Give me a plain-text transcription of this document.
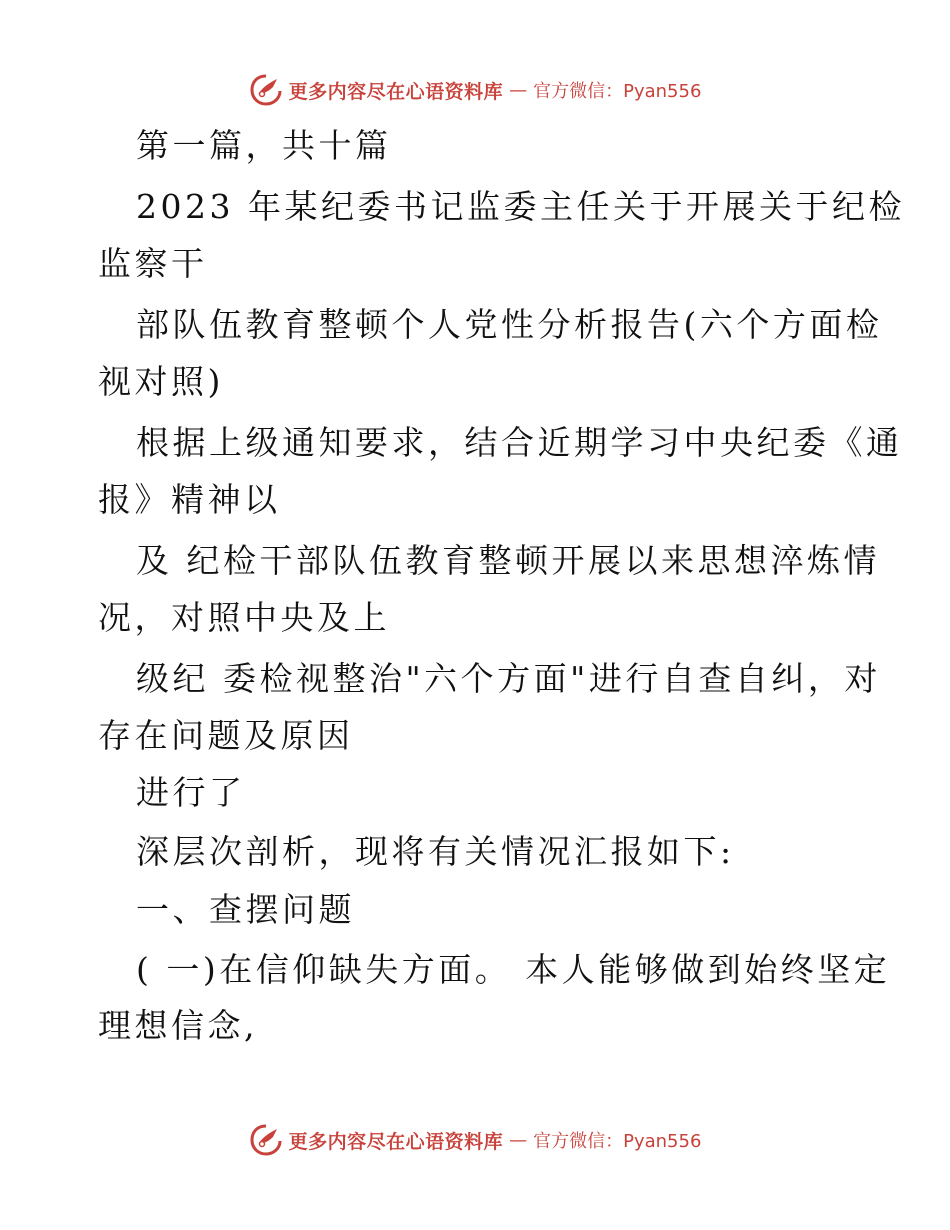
更多内容尽在心语资料库 — 官方微信：Pyan556
第一篇，共十篇
2023 年某纪委书记监委主任关于开展关于纪检
监察干
部队伍教育整顿个人党性分析报告(六个方面检
视对照)
根据上级通知要求，结合近期学习中央纪委《通
报》精神以
及 纪检干部队伍教育整顿开展以来思想淬炼情
况，对照中央及上
级纪 委检视整治"六个方面"进行自查自纠，对
存在问题及原因
进行了
深层次剖析，现将有关情况汇报如下:
一、查摆问题
( 一)在信仰缺失方面。 本人能够做到始终坚定
理想信念,
更多内容尽在心语资料库 — 官方微信：Pyan556
